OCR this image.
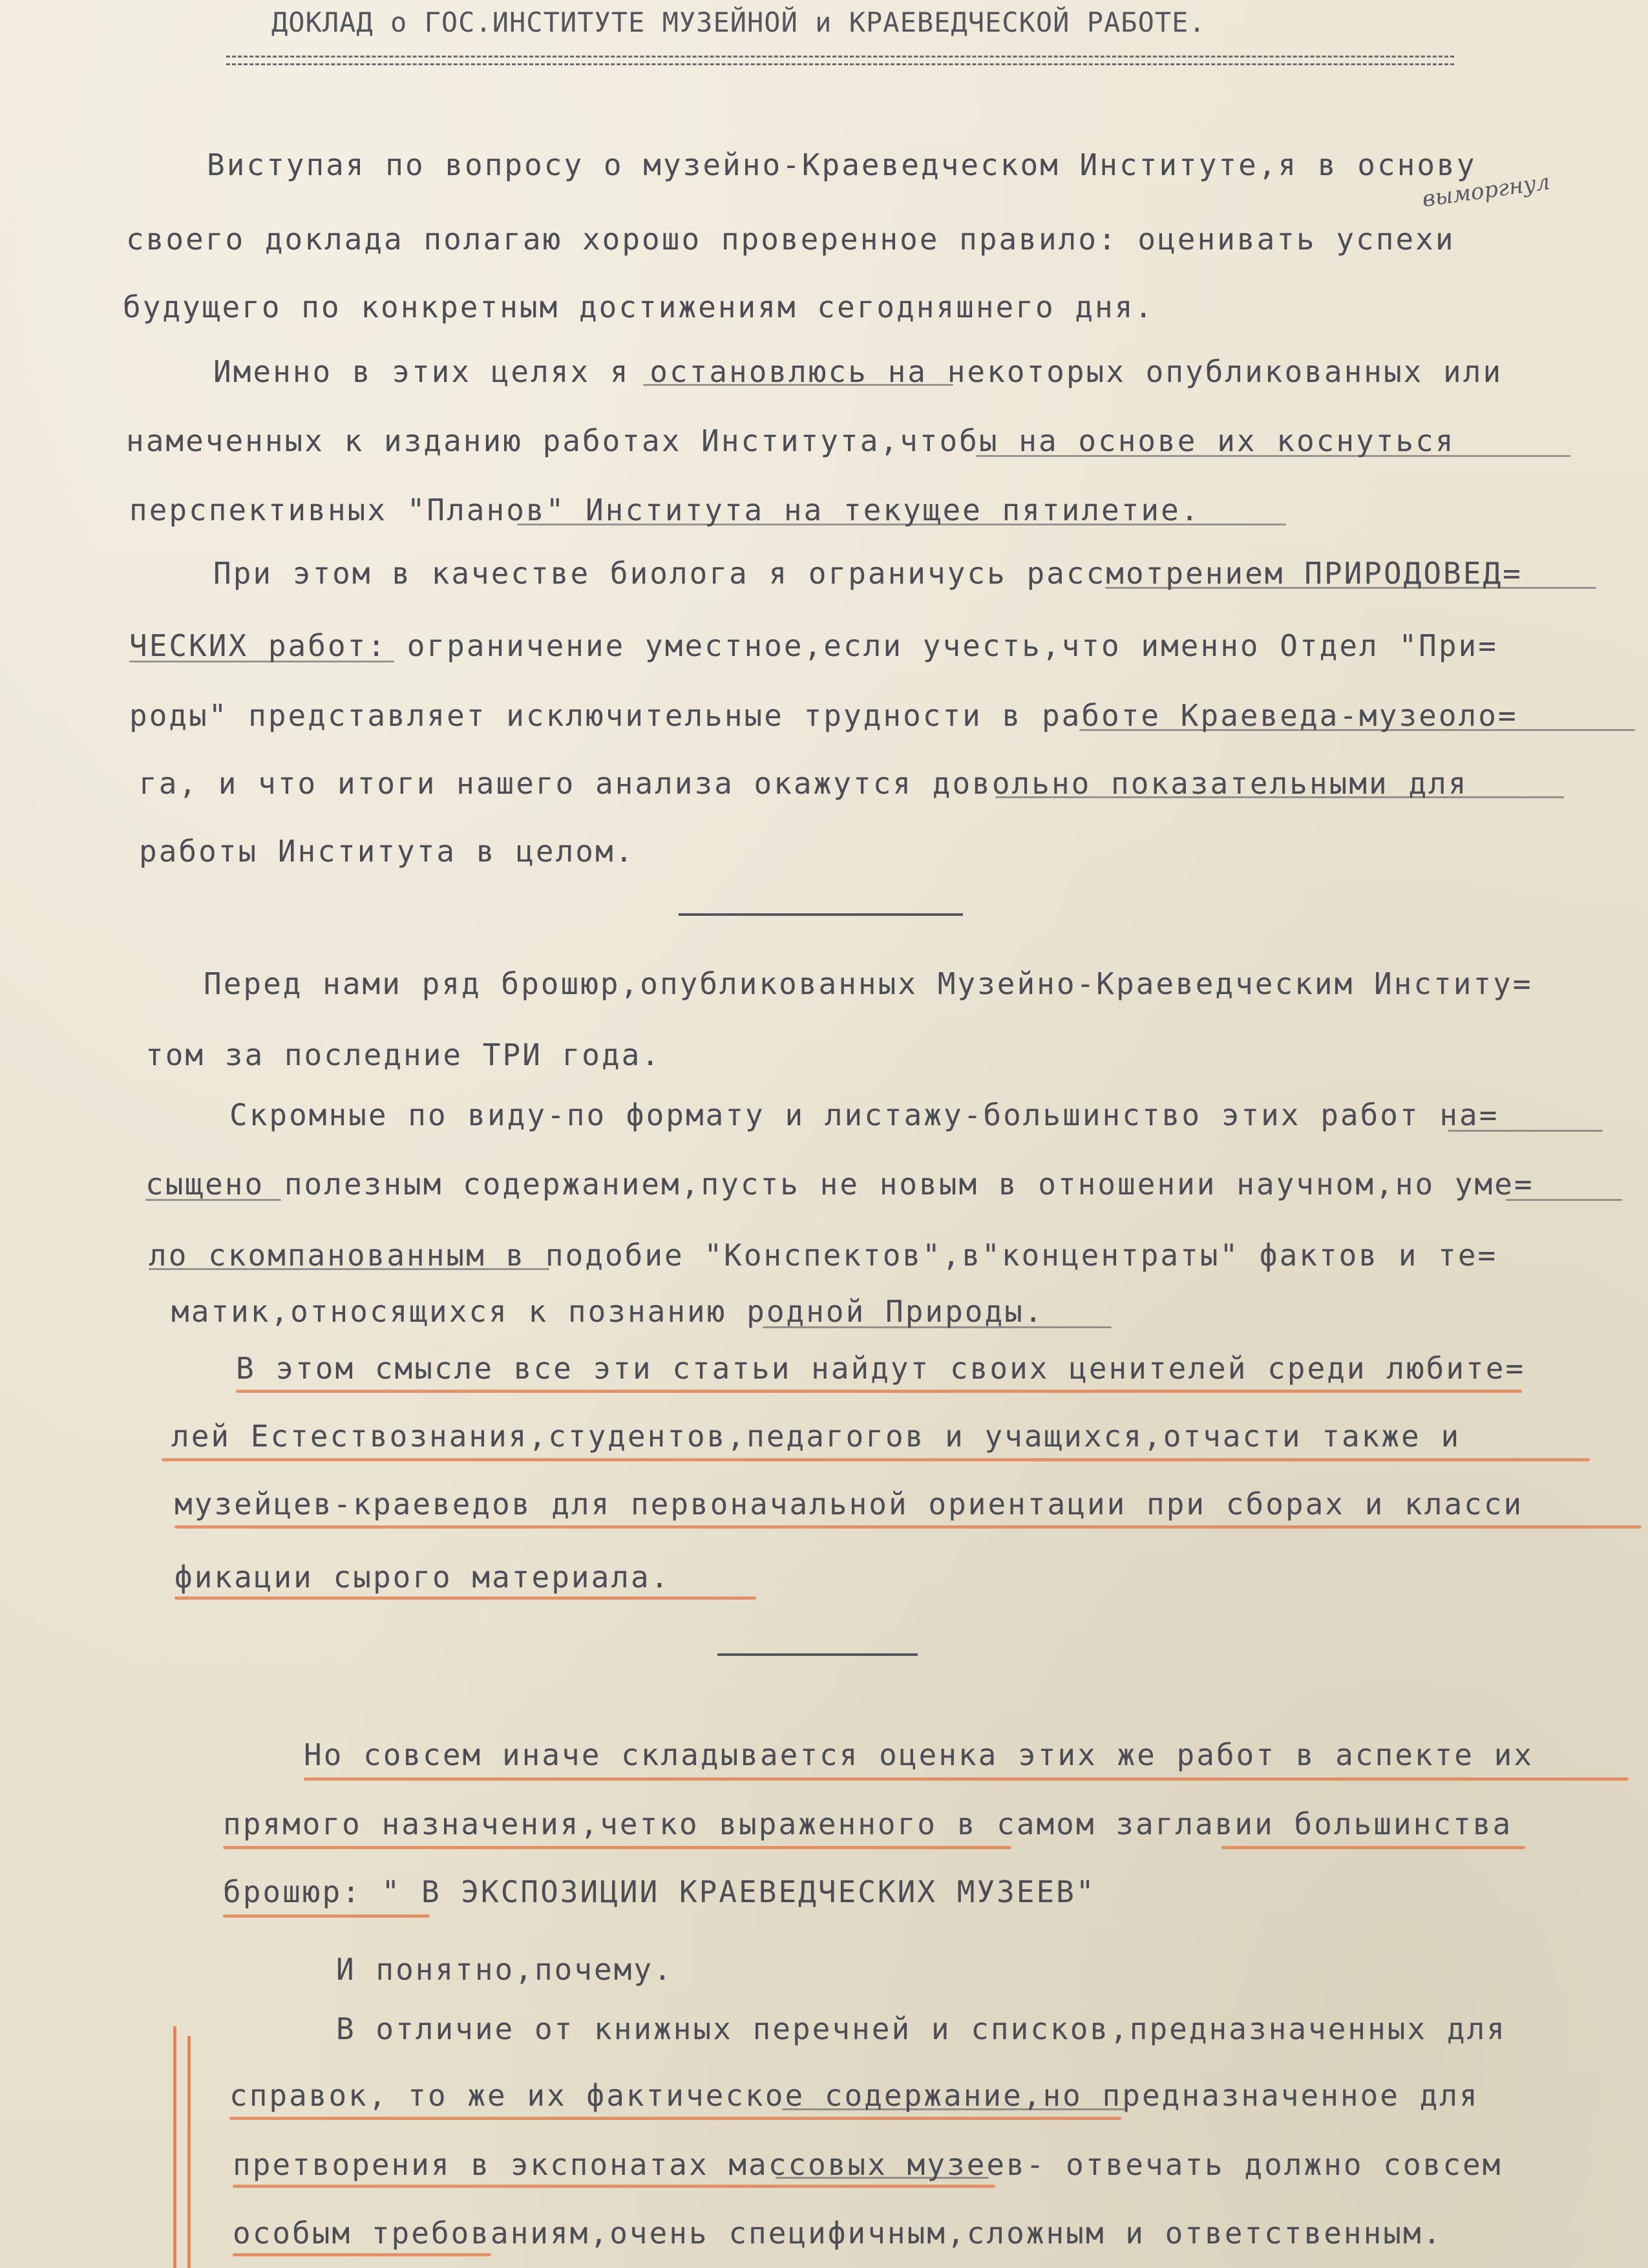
ДОКЛАД о ГОС.ИНСТИТУТЕ МУЗЕЙНОЙ и КРАЕВЕДЧЕСКОЙ РАБОТЕ.
выморгнул
Виступая по вопросу о музейно-Краеведческом Институте,я в основу
своего доклада полагаю хорошо проверенное правило: оценивать успехи
будущего по конкретным достижениям сегодняшнего дня.
Именно в этих целях я остановлюсь на некоторых опубликованных или
намеченных к изданию работах Института,чтобы на основе их коснуться
перспективных "Планов" Института на текущее пятилетие.
При этом в качестве биолога я ограничусь рассмотрением ПРИРОДОВЕД=
ЧЕСКИХ работ: ограничение уместное,если учесть,что именно Отдел "При=
роды" представляет исключительные трудности в работе Краеведа-музеоло=
га, и что итоги нашего анализа окажутся довольно показательными для
работы Института в целом.
Перед нами ряд брошюр,опубликованных Музейно-Краеведческим Институ=
том за последние ТРИ года.
Скромные по виду-по формату и листажу-большинство этих работ на=
сыщено полезным содержанием,пусть не новым в отношении научном,но уме=
ло скомпанованным в подобие "Конспектов",в"концентраты" фактов и те=
матик,относящихся к познанию родной Природы.
В этом смысле все эти статьи найдут своих ценителей среди любите=
лей Естествознания,студентов,педагогов и учащихся,отчасти также и
музейцев-краеведов для первоначальной ориентации при сборах и класси
фикации сырого материала.
Но совсем иначе складывается оценка этих же работ в аспекте их
прямого назначения,четко выраженного в самом заглавии большинства
брошюр: " В ЭКСПОЗИЦИИ КРАЕВЕДЧЕСКИХ МУЗЕЕВ"
И понятно,почему.
В отличие от книжных перечней и списков,предназначенных для
справок, то же их фактическое содержание,но предназначенное для
претворения в экспонатах массовых музеев- отвечать должно совсем
особым требованиям,очень специфичным,сложным и ответственным.
